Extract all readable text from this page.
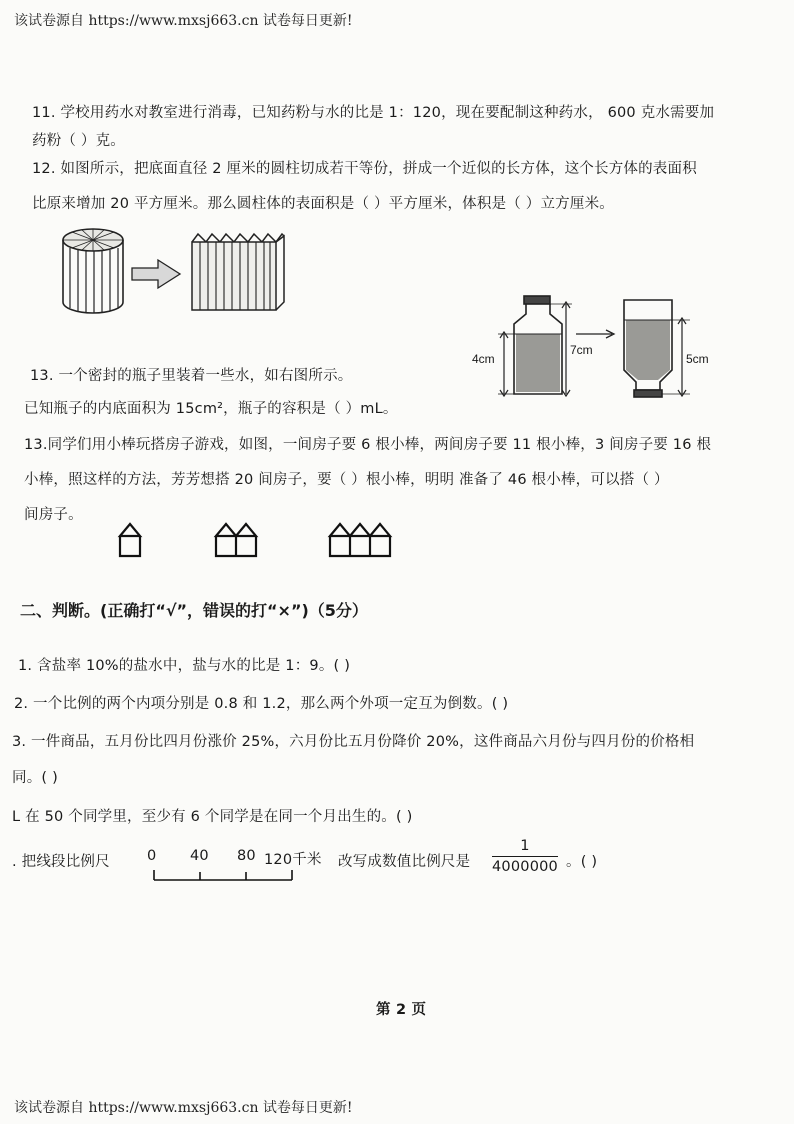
该试卷源自 https://www.mxsj663.cn 试卷每日更新!
该试卷源自 https://www.mxsj663.cn 试卷每日更新!
11. 学校用药水对教室进行消毒，已知药粉与水的比是 1：120，现在要配制这种药水， 600 克水需要加
药粉（ ）克。
12. 如图所示，把底面直径 2 厘米的圆柱切成若干等份，拼成一个近似的长方体，这个长方体的表面积
比原来增加 20 平方厘米。那么圆柱体的表面积是（ ）平方厘米，体积是（ ）立方厘米。
4cm
7cm
5cm
13. 一个密封的瓶子里装着一些水，如右图所示。
已知瓶子的内底面积为 15cm²，瓶子的容积是（ ）mL。
13.同学们用小棒玩搭房子游戏，如图，一间房子要 6 根小棒，两间房子要 11 根小棒，3 间房子要 16 根
小棒，照这样的方法，芳芳想搭 20 间房子，要（ ）根小棒，明明 准备了 46 根小棒，可以搭（ ）
间房子。
二、判断。(正确打“√”，错误的打“×”)（5分）
1. 含盐率 10%的盐水中，盐与水的比是 1：9。( )
2. 一个比例的两个内项分别是 0.8 和 1.2，那么两个外项一定互为倒数。( )
3. 一件商品，五月份比四月份涨价 25%，六月份比五月份降价 20%，这件商品六月份与四月份的价格相
同。( )
L 在 50 个同学里，至少有 6 个同学是在同一个月出生的。( )
. 把线段比例尺	0 40 80 120千米 改写成数值比例尺是 $\frac{1}{4000000}$ 。( )
第 2 页
